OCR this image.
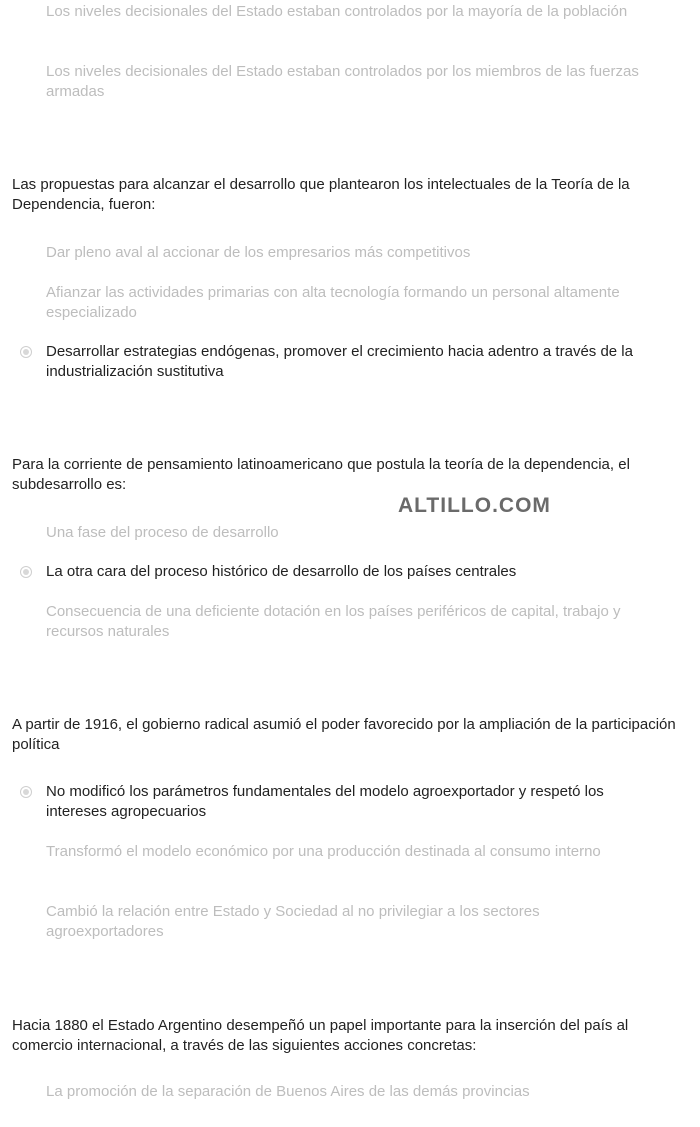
Los niveles decisionales del Estado estaban controlados por la mayoría de la población
Los niveles decisionales del Estado estaban controlados por los miembros de las fuerzas armadas

Las propuestas para alcanzar el desarrollo que plantearon los intelectuales de la Teoría de la Dependencia, fueron:

Dar pleno aval al accionar de los empresarios más competitivos
Afianzar las actividades primarias con alta tecnología formando un personal altamente especializado
Desarrollar estrategias endógenas, promover el crecimiento hacia adentro a través de la industrialización sustitutiva

Para la corriente de pensamiento latinoamericano que postula la teoría de la dependencia, el subdesarrollo es:

Una fase del proceso de desarrollo
La otra cara del proceso histórico de desarrollo de los países centrales
Consecuencia de una deficiente dotación en los países periféricos de capital, trabajo y recursos naturales

A partir de 1916, el gobierno radical asumió el poder favorecido por la ampliación de la participación política

No modificó los parámetros fundamentales del modelo agroexportador y respetó los intereses agropecuarios
Transformó el modelo económico por una producción destinada al consumo interno
Cambió la relación entre Estado y Sociedad al no privilegiar a los sectores agroexportadores

Hacia 1880 el Estado Argentino desempeñó un papel importante para la inserción del país al comercio internacional, a través de las siguientes acciones concretas:

La promoción de la separación de Buenos Aires de las demás provincias
ALTILLO.COM
